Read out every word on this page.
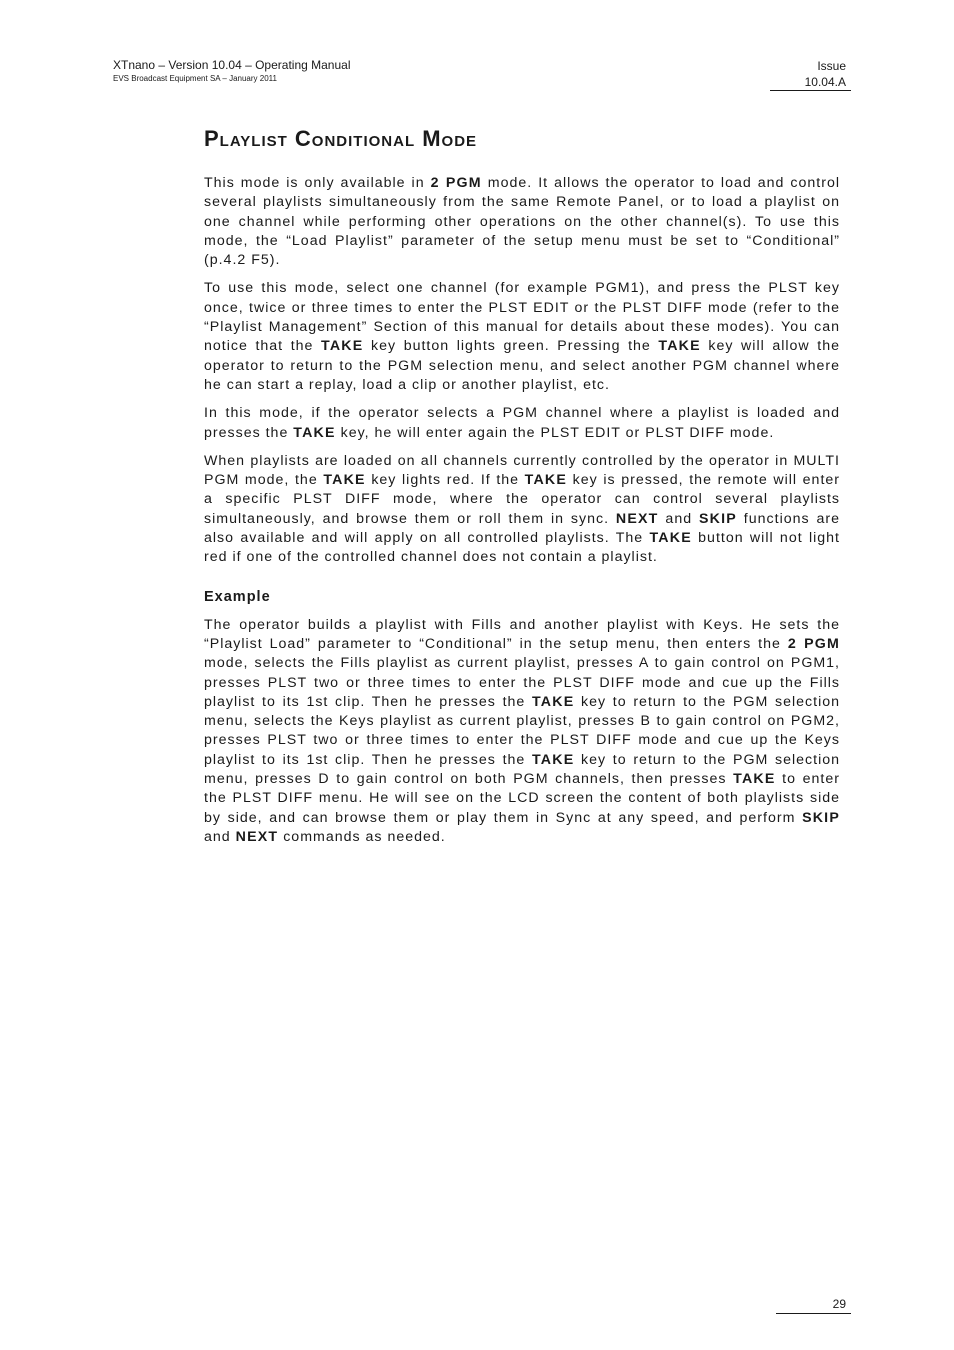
XTnano – Version 10.04 – Operating Manual
EVS Broadcast Equipment SA – January 2011
Issue
10.04.A
Playlist Conditional Mode

This mode is only available in 2 PGM mode. It allows the operator to load and control several playlists simultaneously from the same Remote Panel, or to load a playlist on one channel while performing other operations on the other channel(s). To use this mode, the “Load Playlist” parameter of the setup menu must be set to “Conditional” (p.4.2 F5).

To use this mode, select one channel (for example PGM1), and press the PLST key once, twice or three times to enter the PLST EDIT or the PLST DIFF mode (refer to the “Playlist Management” Section of this manual for details about these modes). You can notice that the TAKE key button lights green. Pressing the TAKE key will allow the operator to return to the PGM selection menu, and select another PGM channel where he can start a replay, load a clip or another playlist, etc.

In this mode, if the operator selects a PGM channel where a playlist is loaded and presses the TAKE key, he will enter again the PLST EDIT or PLST DIFF mode.

When playlists are loaded on all channels currently controlled by the operator in MULTI PGM mode, the TAKE key lights red. If the TAKE key is pressed, the remote will enter a specific PLST DIFF mode, where the operator can control several playlists simultaneously, and browse them or roll them in sync. NEXT and SKIP functions are also available and will apply on all controlled playlists. The TAKE button will not light red if one of the controlled channel does not contain a playlist.

Example

The operator builds a playlist with Fills and another playlist with Keys. He sets the “Playlist Load” parameter to “Conditional” in the setup menu, then enters the 2 PGM mode, selects the Fills playlist as current playlist, presses A to gain control on PGM1, presses PLST two or three times to enter the PLST DIFF mode and cue up the Fills playlist to its 1st clip. Then he presses the TAKE key to return to the PGM selection menu, selects the Keys playlist as current playlist, presses B to gain control on PGM2, presses PLST two or three times to enter the PLST DIFF mode and cue up the Keys playlist to its 1st clip. Then he presses the TAKE key to return to the PGM selection menu, presses D to gain control on both PGM channels, then presses TAKE to enter the PLST DIFF menu. He will see on the LCD screen the content of both playlists side by side, and can browse them or play them in Sync at any speed, and perform SKIP and NEXT commands as needed.

29
